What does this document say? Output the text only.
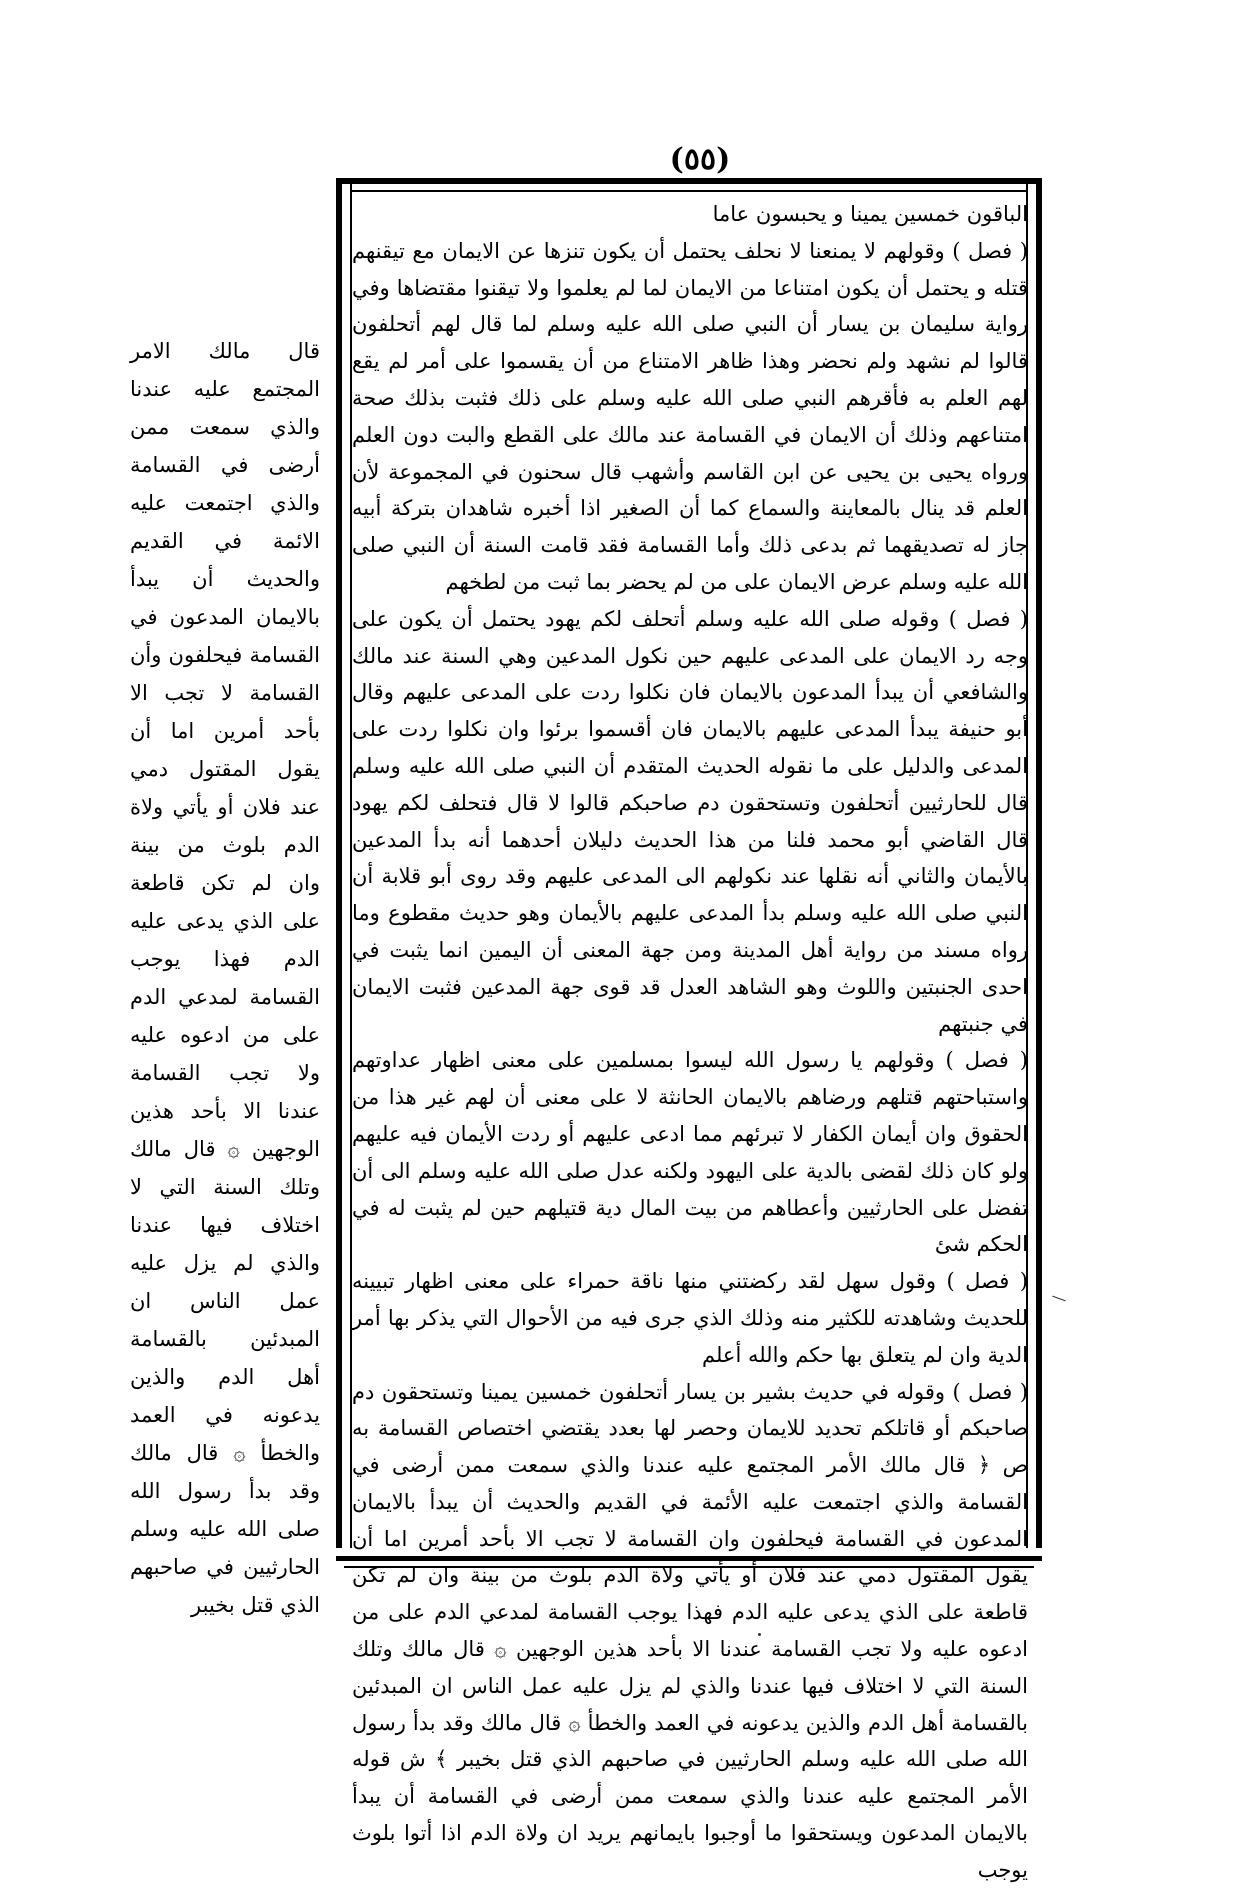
(٥٥)

الباقون خمسين يمينا و يحبسون عاما

( فصل ) وقولهم لا يمنعنا لا نحلف يحتمل أن يكون تنزها عن الايمان مع تيقنهم قتله و يحتمل أن يكون امتناعا من الايمان لما لم يعلموا ولا تيقنوا مقتضاها وفي رواية سليمان بن يسار أن النبي صلى الله عليه وسلم لما قال لهم أتحلفون قالوا لم نشهد ولم نحضر وهذا ظاهر الامتناع من أن يقسموا على أمر لم يقع لهم العلم به فأقرهم النبي صلى الله عليه وسلم على ذلك فثبت بذلك صحة امتناعهم وذلك أن الايمان في القسامة عند مالك على القطع والبت دون العلم ورواه يحيى بن يحيى عن ابن القاسم وأشهب قال سحنون في المجموعة لأن العلم قد ينال بالمعاينة والسماع كما أن الصغير اذا أخبره شاهدان بتركة أبيه جاز له تصديقهما ثم بدعى ذلك وأما القسامة فقد قامت السنة أن النبي صلى الله عليه وسلم عرض الايمان على من لم يحضر بما ثبت من لطخهم

( فصل ) وقوله صلى الله عليه وسلم أتحلف لكم يهود يحتمل أن يكون على وجه رد الايمان على المدعى عليهم حين نكول المدعين وهي السنة عند مالك والشافعي أن يبدأ المدعون بالايمان فان نكلوا ردت على المدعى عليهم وقال أبو حنيفة يبدأ المدعى عليهم بالايمان فان أقسموا برئوا وان نكلوا ردت على المدعى والدليل على ما نقوله الحديث المتقدم أن النبي صلى الله عليه وسلم قال للحارثيين أتحلفون وتستحقون دم صاحبكم قالوا لا قال فتحلف لكم يهود قال القاضي أبو محمد فلنا من هذا الحديث دليلان أحدهما أنه بدأ المدعين بالأيمان والثاني أنه نقلها عند نكولهم الى المدعى عليهم وقد روى أبو قلابة أن النبي صلى الله عليه وسلم بدأ المدعى عليهم بالأيمان وهو حديث مقطوع وما رواه مسند من رواية أهل المدينة ومن جهة المعنى أن اليمين انما يثبت في احدى الجنبتين واللوث وهو الشاهد العدل قد قوى جهة المدعين فثبت الايمان في جنبتهم

( فصل ) وقولهم يا رسول الله ليسوا بمسلمين على معنى اظهار عداوتهم واستباحتهم قتلهم ورضاهم بالايمان الحانثة لا على معنى أن لهم غير هذا من الحقوق وان أيمان الكفار لا تبرئهم مما ادعى عليهم أو ردت الأيمان فيه عليهم ولو كان ذلك لقضى بالدية على اليهود ولكنه عدل صلى الله عليه وسلم الى أن تفضل على الحارثيين وأعطاهم من بيت المال دية قتيلهم حين لم يثبت له في الحكم شئ

( فصل ) وقول سهل لقد ركضتني منها ناقة حمراء على معنى اظهار تبيينه للحديث وشاهدته للكثير منه وذلك الذي جرى فيه من الأحوال التي يذكر بها أمر الدية وان لم يتعلق بها حكم والله أعلم

( فصل ) وقوله في حديث بشير بن يسار أتحلفون خمسين يمينا وتستحقون دم صاحبكم أو قاتلكم تحديد للايمان وحصر لها بعدد يقتضي اختصاص القسامة به ص ﴿ قال مالك الأمر المجتمع عليه عندنا والذي سمعت ممن أرضى في القسامة والذي اجتمعت عليه الأئمة في القديم والحديث أن يبدأ بالايمان المدعون في القسامة فيحلفون وان القسامة لا تجب الا بأحد أمرين اما أن يقول المقتول دمي عند فلان أو يأتي ولاة الدم بلوث من بينة وان لم تكن قاطعة على الذي يدعى عليه الدم فهذا يوجب القسامة لمدعي الدم على من ادعوه عليه ولا تجب القسامة عندنا الا بأحد هذين الوجهين ۞ قال مالك وتلك السنة التي لا اختلاف فيها عندنا والذي لم يزل عليه عمل الناس ان المبدئين بالقسامة أهل الدم والذين يدعونه في العمد والخطأ ۞ قال مالك وقد بدأ رسول الله صلى الله عليه وسلم الحارثيين في صاحبهم الذي قتل بخيبر ﴾ ش قوله الأمر المجتمع عليه عندنا والذي سمعت ممن أرضى في القسامة أن يبدأ بالايمان المدعون ويستحقوا ما أوجبوا بايمانهم يريد ان ولاة الدم اذا أتوا بلوث يوجب

قال مالك الامر المجتمع عليه عندنا والذي سمعت ممن أرضى في القسامة والذي اجتمعت عليه الائمة في القديم والحديث أن يبدأ بالايمان المدعون في القسامة فيحلفون وأن القسامة لا تجب الا بأحد أمرين اما أن يقول المقتول دمي عند فلان أو يأتي ولاة الدم بلوث من بينة وان لم تكن قاطعة على الذي يدعى عليه الدم فهذا يوجب القسامة لمدعي الدم على من ادعوه عليه ولا تجب القسامة عندنا الا بأحد هذين الوجهين ۞ قال مالك وتلك السنة التي لا اختلاف فيها عندنا والذي لم يزل عليه عمل الناس ان المبدئين بالقسامة أهل الدم والذين يدعونه في العمد والخطأ ۞ قال مالك وقد بدأ رسول الله صلى الله عليه وسلم الحارثيين في صاحبهم الذي قتل بخيبر
